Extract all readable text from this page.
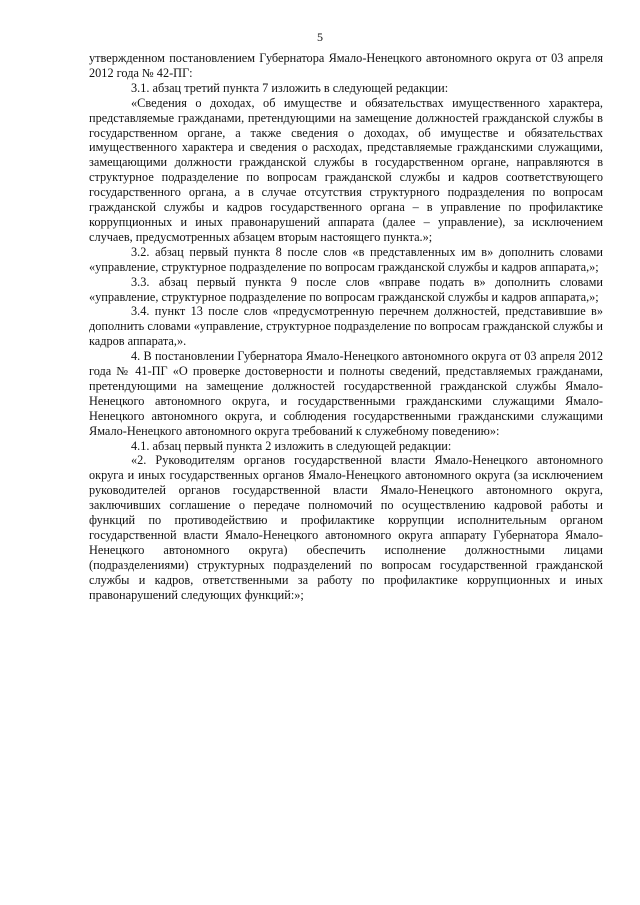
5

утвержденном постановлением Губернатора Ямало-Ненецкого автономного округа от 03 апреля 2012 года № 42-ПГ:

3.1. абзац третий пункта 7 изложить в следующей редакции:

«Сведения о доходах, об имуществе и обязательствах имущественного характера, представляемые гражданами, претендующими на замещение должностей гражданской службы в государственном органе, а также сведения о доходах, об имуществе и обязательствах имущественного характера и сведения о расходах, представляемые гражданскими служащими, замещающими должности гражданской службы в государственном органе, направляются в структурное подразделение по вопросам гражданской службы и кадров соответствующего государственного органа, а в случае отсутствия структурного подразделения по вопросам гражданской службы и кадров государственного органа – в управление по профилактике коррупционных и иных правонарушений аппарата (далее – управление), за исключением случаев, предусмотренных абзацем вторым настоящего пункта.»;

3.2. абзац первый пункта 8 после слов «в представленных им в» дополнить словами «управление, структурное подразделение по вопросам гражданской службы и кадров аппарата,»;

3.3. абзац первый пункта 9 после слов «вправе подать в» дополнить словами «управление, структурное подразделение по вопросам гражданской службы и кадров аппарата,»;

3.4. пункт 13 после слов «предусмотренную перечнем должностей, представившие в» дополнить словами «управление, структурное подразделение по вопросам гражданской службы и кадров аппарата,».

4. В постановлении Губернатора Ямало-Ненецкого автономного округа от 03 апреля 2012 года № 41-ПГ «О проверке достоверности и полноты сведений, представляемых гражданами, претендующими на замещение должностей государственной гражданской службы Ямало-Ненецкого автономного округа, и государственными гражданскими служащими Ямало-Ненецкого автономного округа, и соблюдения государственными гражданскими служащими Ямало-Ненецкого автономного округа требований к служебному поведению»:

4.1. абзац первый пункта 2 изложить в следующей редакции:

«2. Руководителям органов государственной власти Ямало-Ненецкого автономного округа и иных государственных органов Ямало-Ненецкого автономного округа (за исключением руководителей органов государственной власти Ямало-Ненецкого автономного округа, заключивших соглашение о передаче полномочий по осуществлению кадровой работы и функций по противодействию и профилактике коррупции исполнительным органом государственной власти Ямало-Ненецкого автономного округа аппарату Губернатора Ямало-Ненецкого автономного округа) обеспечить исполнение должностными лицами (подразделениями) структурных подразделений по вопросам государственной гражданской службы и кадров, ответственными за работу по профилактике коррупционных и иных правонарушений следующих функций:»;
